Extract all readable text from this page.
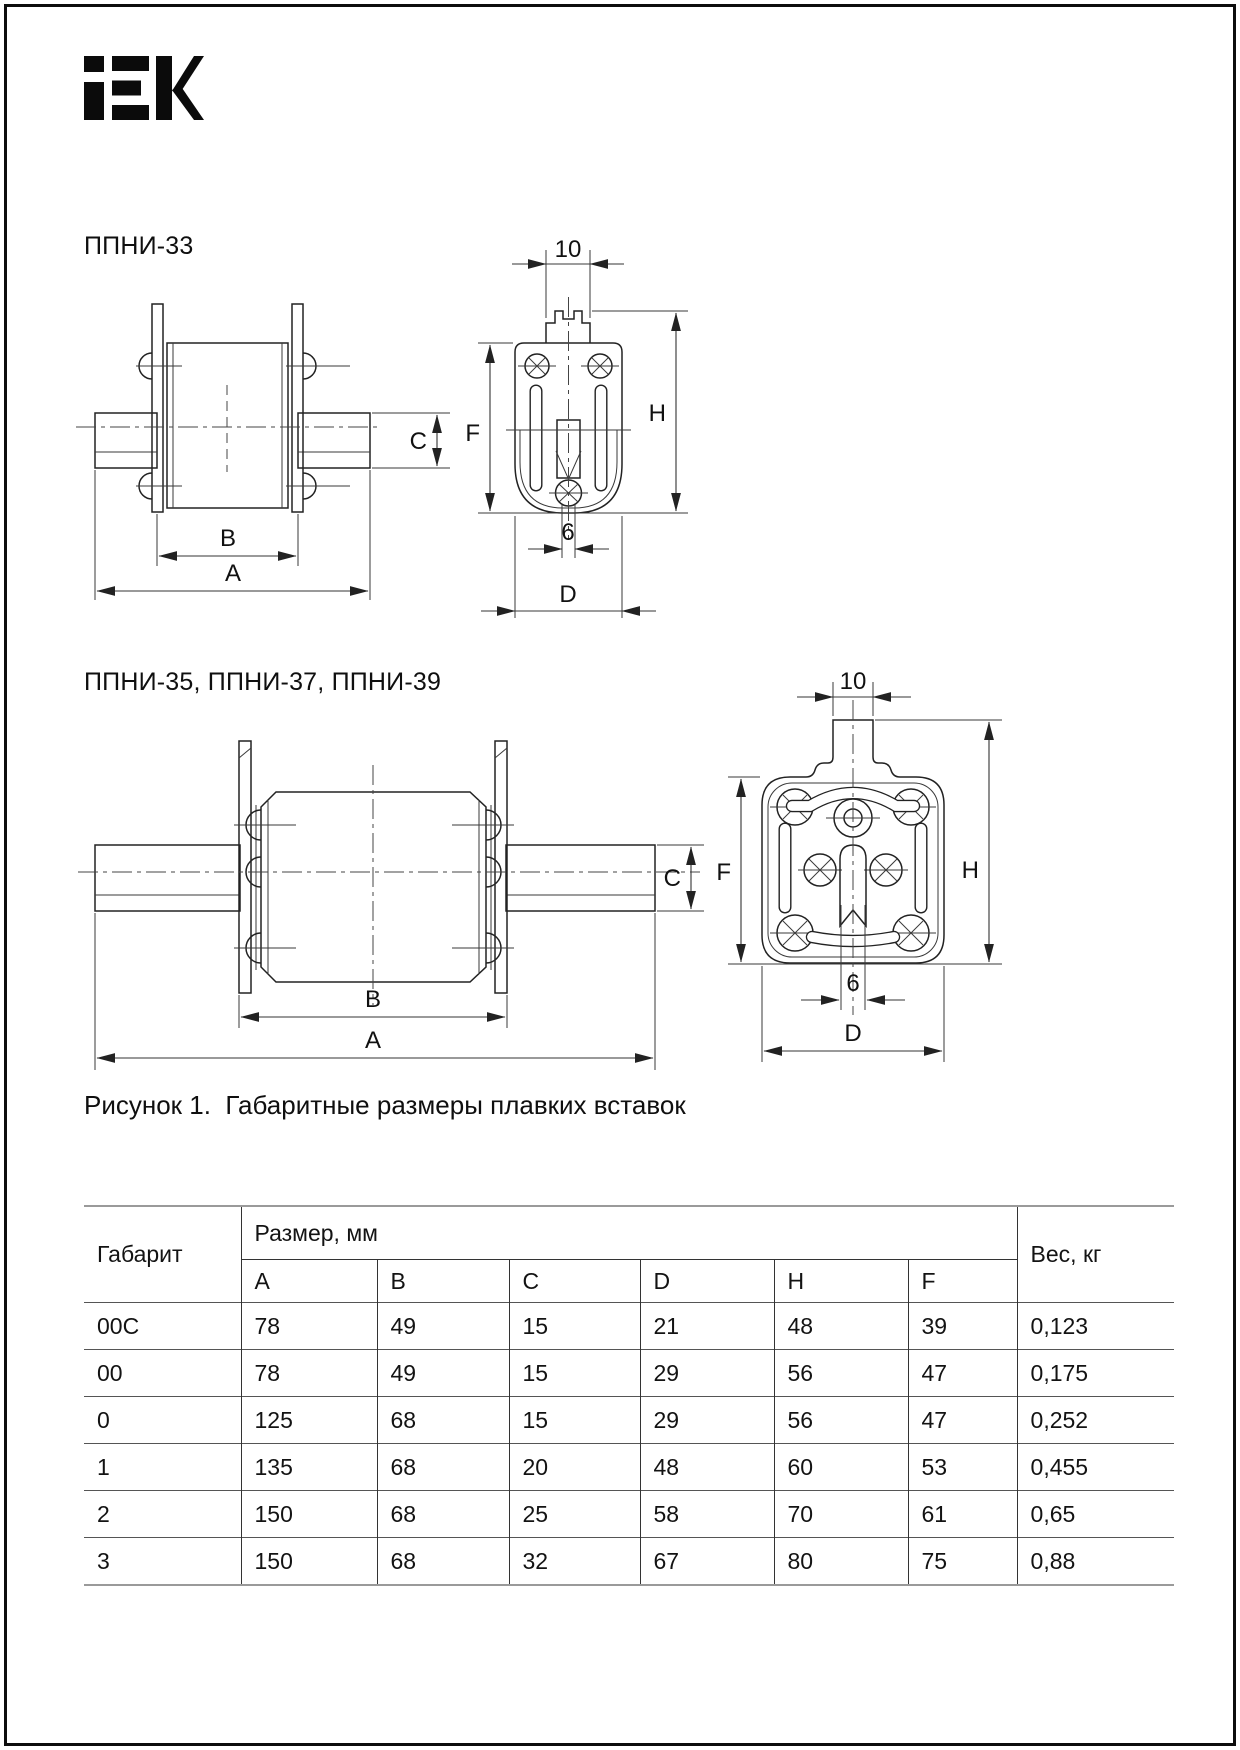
ППНИ-33
ППНИ-35, ППНИ-37, ППНИ-39
C
B
A
10
F
H
6
D
C
B
A
10
F	H
6
D
Рисунок 1.  Габаритные размеры плавких вставок
Габарит	Размер, мм						Вес, кг
	A	B	C	D	H	F	
00C	78	49	15	21	48	39	0,123
00	78	49	15	29	56	47	0,175
0	125	68	15	29	56	47	0,252
1	135	68	20	48	60	53	0,455
2	150	68	25	58	70	61	0,65
3	150	68	32	67	80	75	0,88
